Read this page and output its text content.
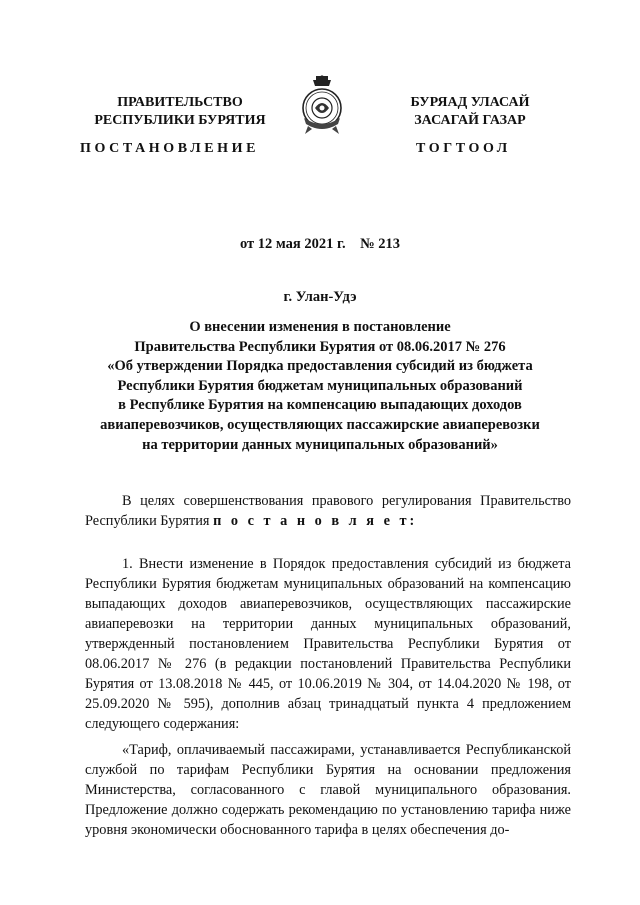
ПРАВИТЕЛЬСТВО
РЕСПУБЛИКИ БУРЯТИЯ
БУРЯАД УЛАСАЙ
ЗАСАГАЙ ГАЗАР
ПОСТАНОВЛЕНИЕ	ТОГТООЛ
от 12 мая 2021 г.    № 213
г. Улан-Удэ
О внесении изменения в постановление
Правительства Республики Бурятия от 08.06.2017 № 276
«Об утверждении Порядка предоставления субсидий из бюджета
Республики Бурятия бюджетам муниципальных образований
в Республике Бурятия на компенсацию выпадающих доходов
авиаперевозчиков, осуществляющих пассажирские авиаперевозки
на территории данных муниципальных образований»

В целях совершенствования правового регулирования Правительство Республики Бурятия п о с т а н о в л я е т:

1. Внести изменение в Порядок предоставления субсидий из бюджета Республики Бурятия бюджетам муниципальных образований на компенсацию выпадающих доходов авиаперевозчиков, осуществляющих пассажирские авиаперевозки на территории данных муниципальных образований, утвержденный постановлением Правительства Республики Бурятия от 08.06.2017 № 276 (в редакции постановлений Правительства Республики Бурятия от 13.08.2018 № 445, от 10.06.2019 № 304, от 14.04.2020 № 198, от 25.09.2020 № 595), дополнив абзац тринадцатый пункта 4 предложением следующего содержания:

«Тариф, оплачиваемый пассажирами, устанавливается Республиканской службой по тарифам Республики Бурятия на основании предложения Министерства, согласованного с главой муниципального образования. Предложение должно содержать рекомендацию по установлению тарифа ниже уровня экономически обоснованного тарифа в целях обеспечения до-
